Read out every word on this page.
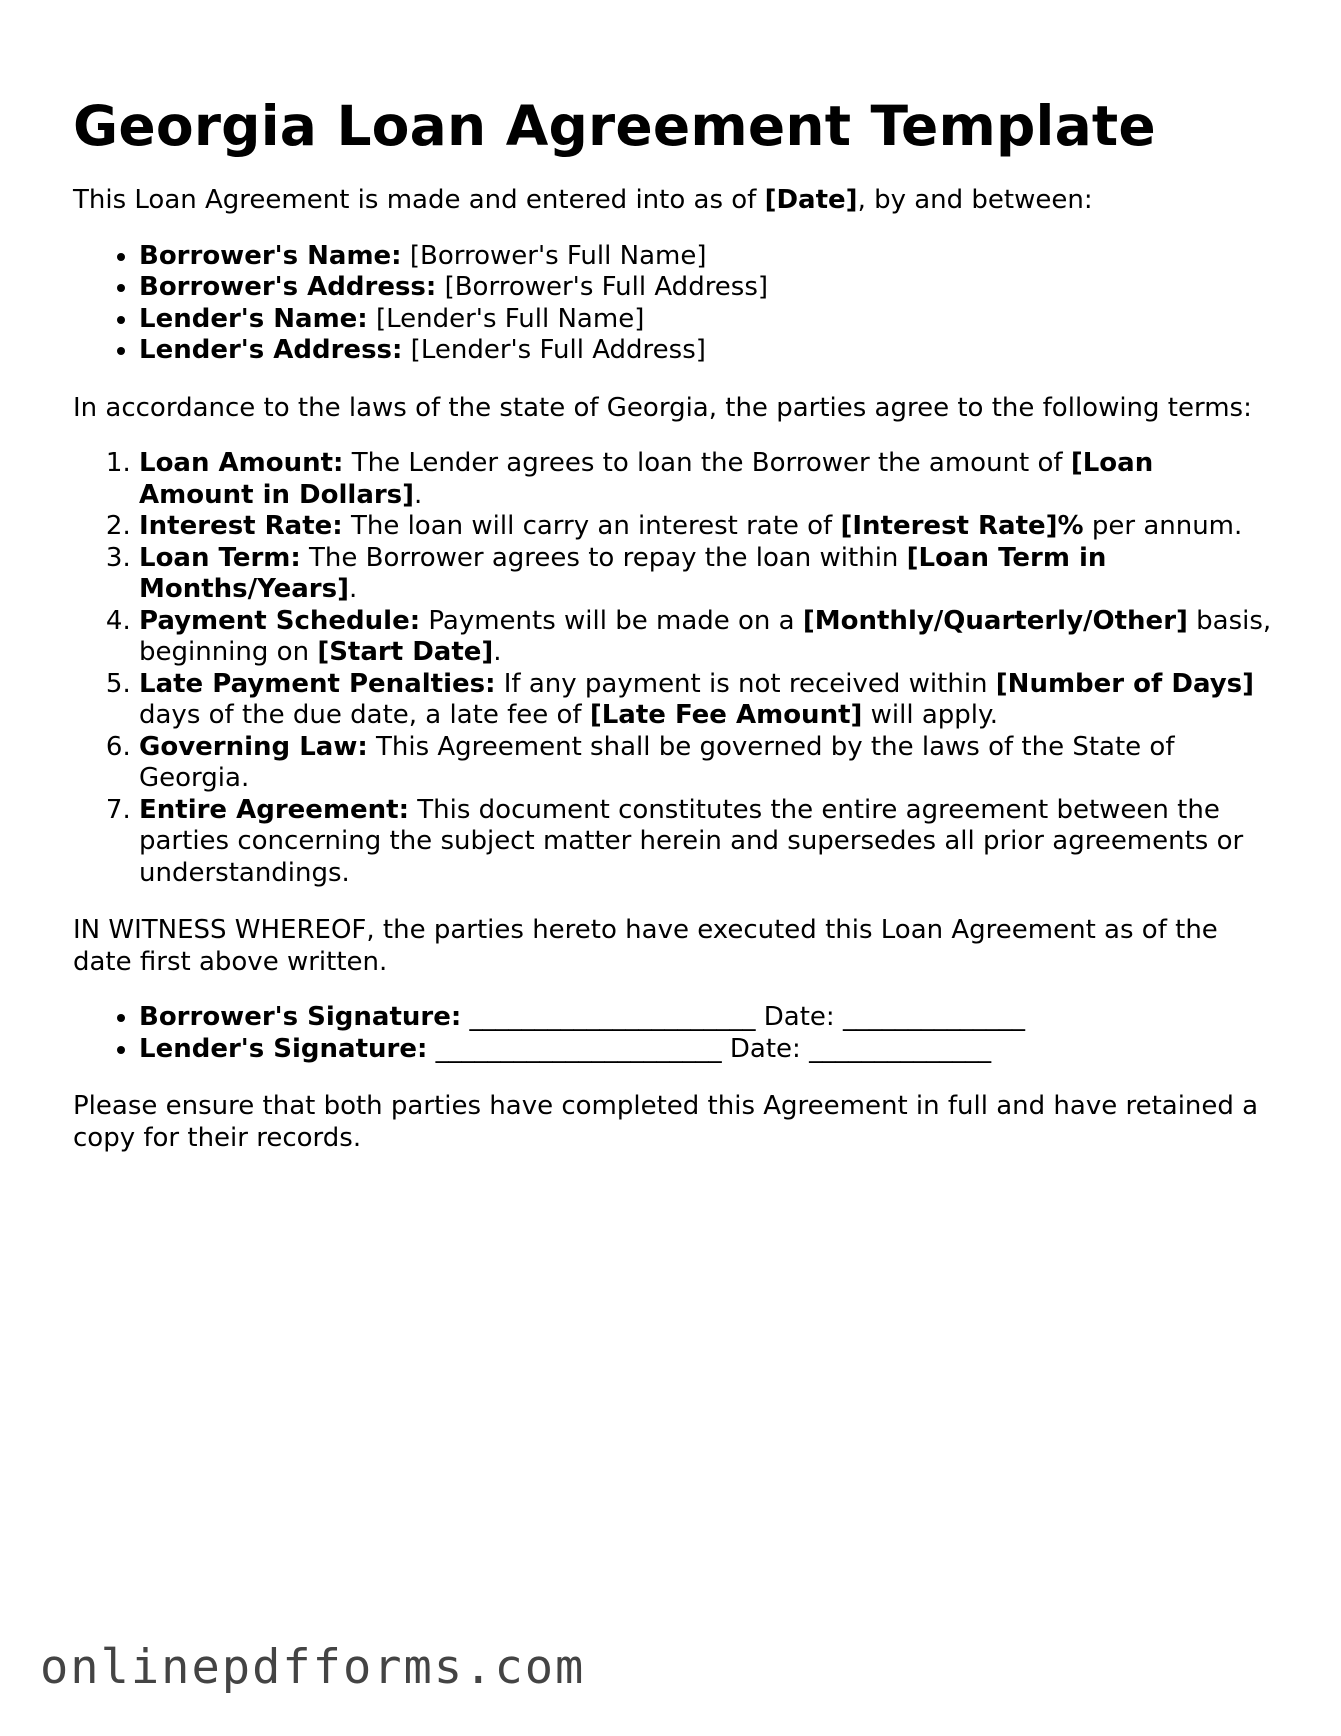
Georgia Loan Agreement Template

This Loan Agreement is made and entered into as of [Date], by and between:

• Borrower's Name: [Borrower's Full Name]
• Borrower's Address: [Borrower's Full Address]
• Lender's Name: [Lender's Full Name]
• Lender's Address: [Lender's Full Address]

In accordance to the laws of the state of Georgia, the parties agree to the following terms:

1. Loan Amount: The Lender agrees to loan the Borrower the amount of [Loan Amount in Dollars].
2. Interest Rate: The loan will carry an interest rate of [Interest Rate]% per annum.
3. Loan Term: The Borrower agrees to repay the loan within [Loan Term in Months/Years].
4. Payment Schedule: Payments will be made on a [Monthly/Quarterly/Other] basis, beginning on [Start Date].
5. Late Payment Penalties: If any payment is not received within [Number of Days] days of the due date, a late fee of [Late Fee Amount] will apply.
6. Governing Law: This Agreement shall be governed by the laws of the State of Georgia.
7. Entire Agreement: This document constitutes the entire agreement between the parties concerning the subject matter herein and supersedes all prior agreements or understandings.

IN WITNESS WHEREOF, the parties hereto have executed this Loan Agreement as of the date first above written.

• Borrower's Signature: ______________________ Date: ______________
• Lender's Signature: ______________________ Date: ______________

Please ensure that both parties have completed this Agreement in full and have retained a copy for their records.

onlinepdfforms.com
